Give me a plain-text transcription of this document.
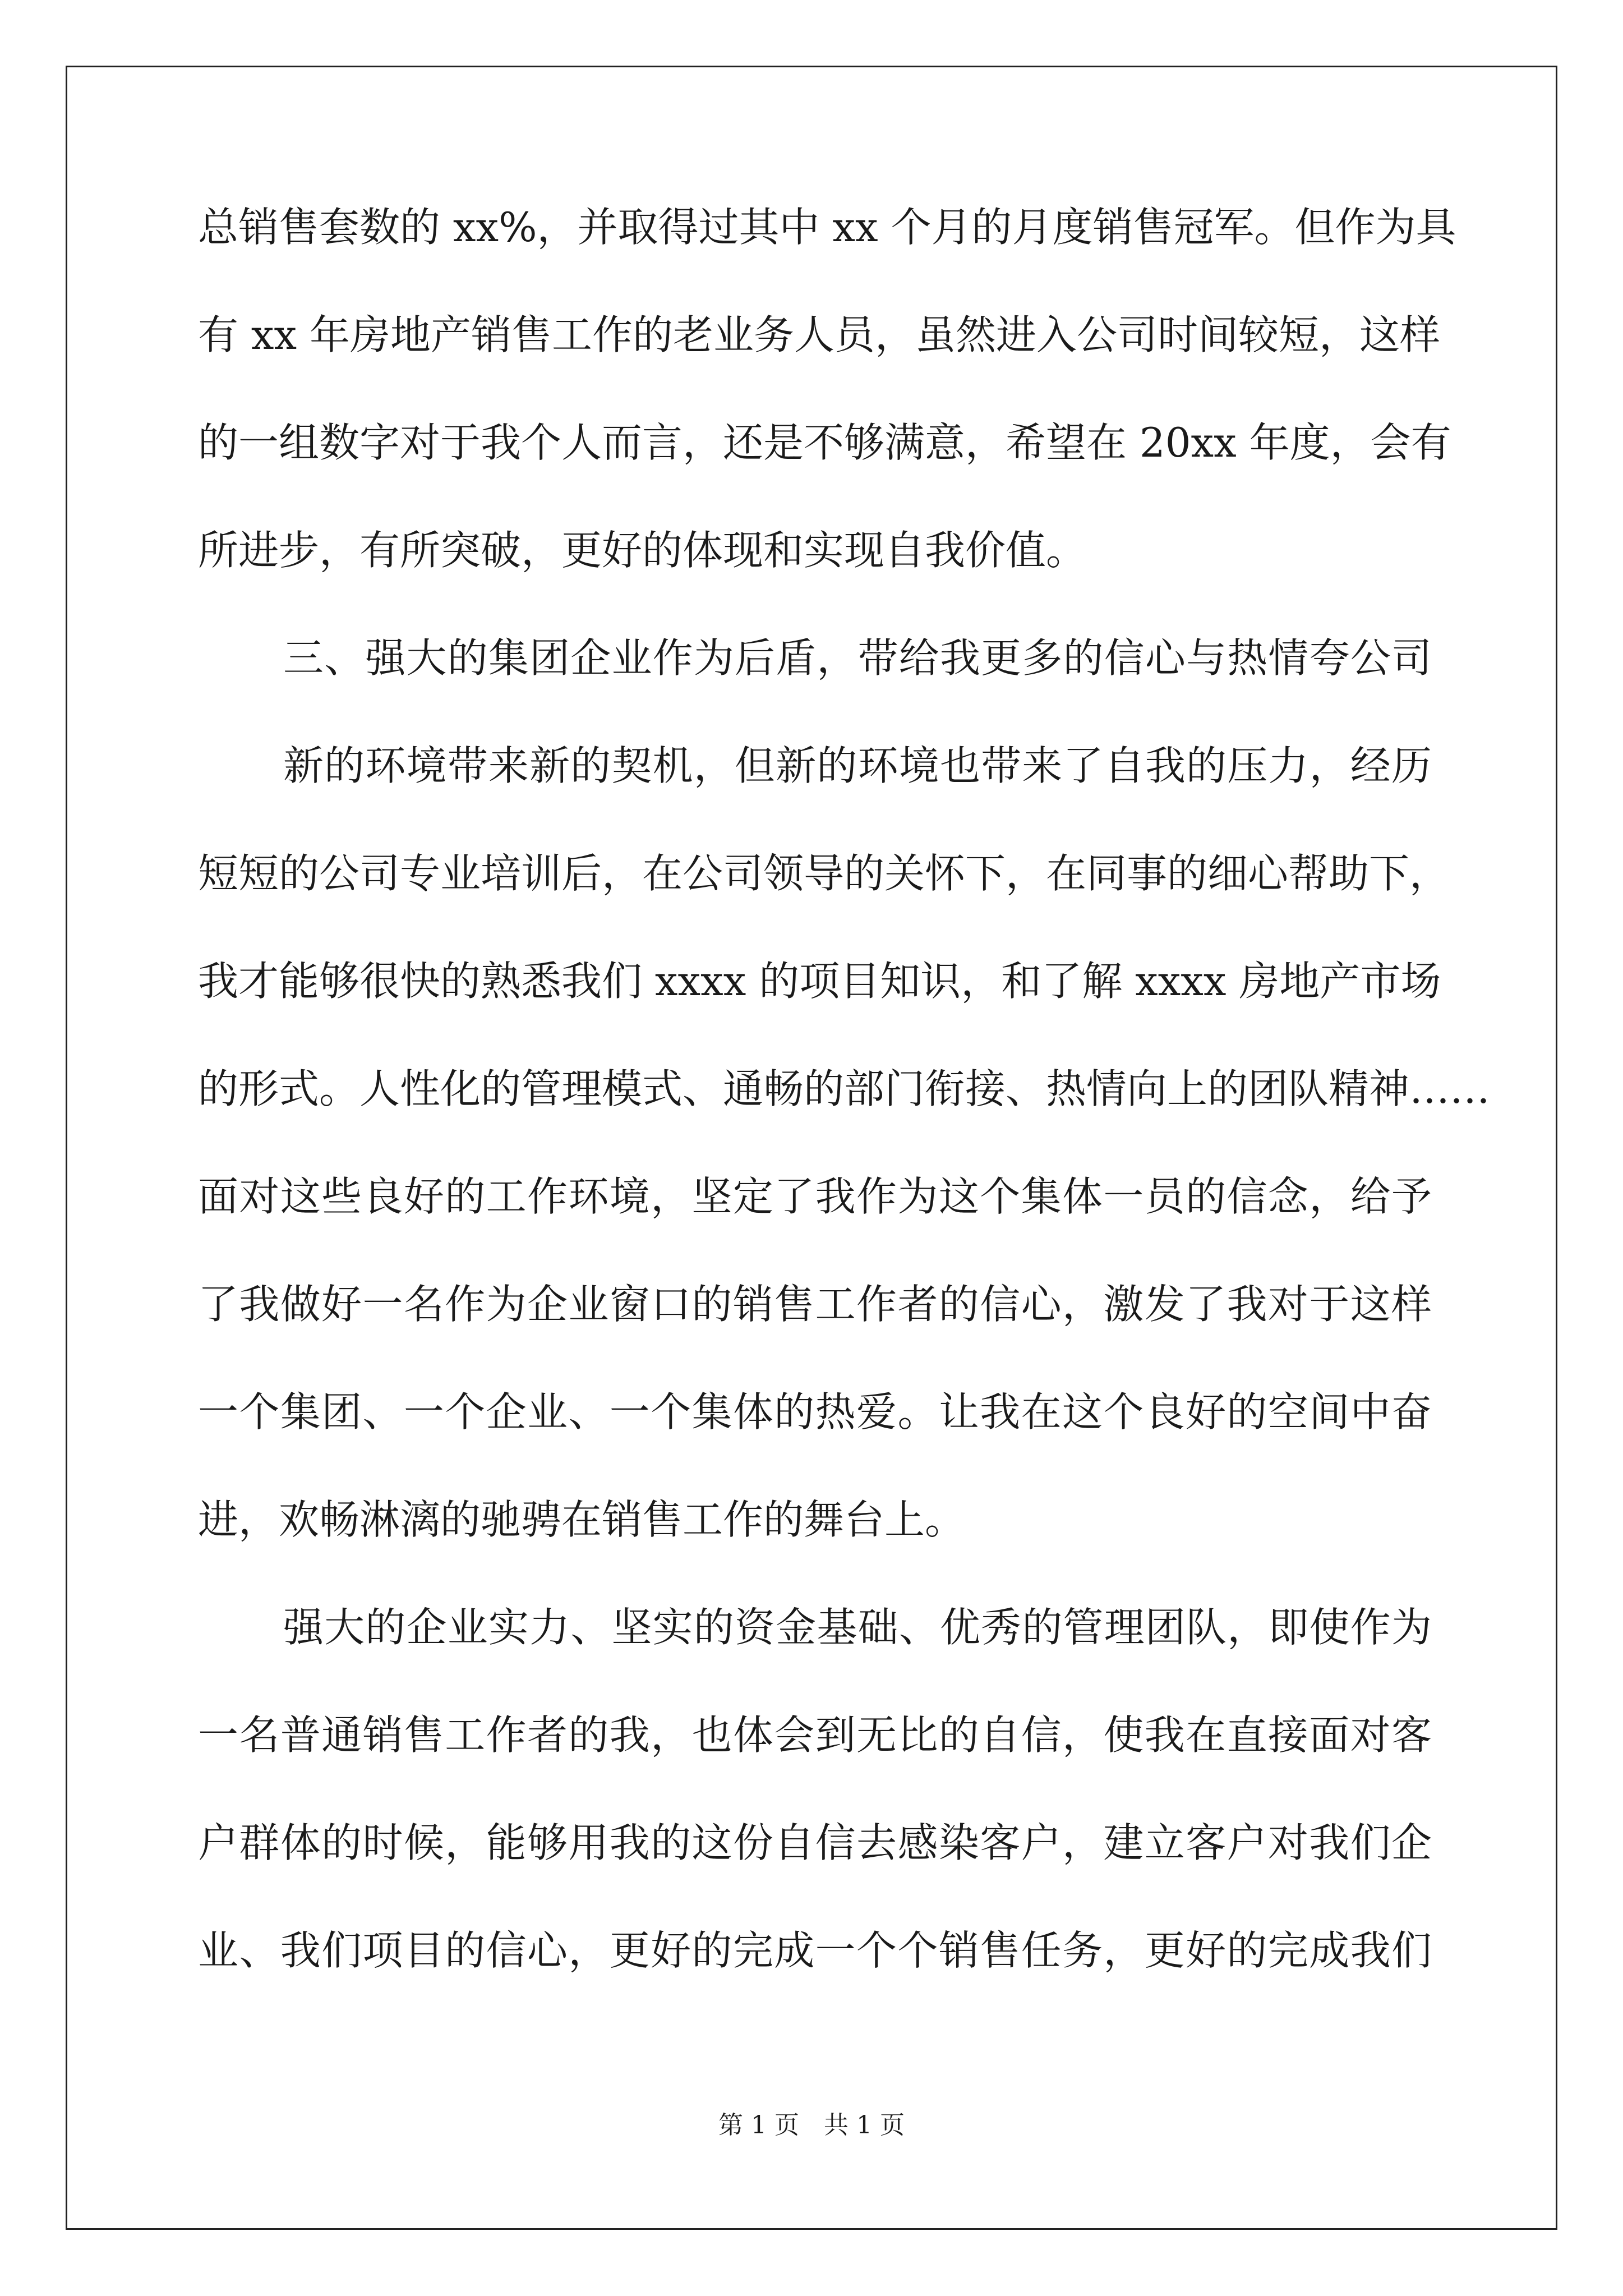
总销售套数的 xx%，并取得过其中 xx 个月的月度销售冠军。但作为具
有 xx 年房地产销售工作的老业务人员，虽然进入公司时间较短，这样
的一组数字对于我个人而言，还是不够满意，希望在 20xx 年度，会有
所进步，有所突破，更好的体现和实现自我价值。
三、强大的集团企业作为后盾，带给我更多的信心与热情夸公司
新的环境带来新的契机，但新的环境也带来了自我的压力，经历
短短的公司专业培训后，在公司领导的关怀下，在同事的细心帮助下，
我才能够很快的熟悉我们 xxxx 的项目知识，和了解 xxxx 房地产市场
的形式。人性化的管理模式、通畅的部门衔接、热情向上的团队精神……
面对这些良好的工作环境，坚定了我作为这个集体一员的信念，给予
了我做好一名作为企业窗口的销售工作者的信心，激发了我对于这样
一个集团、一个企业、一个集体的热爱。让我在这个良好的空间中奋
进，欢畅淋漓的驰骋在销售工作的舞台上。
强大的企业实力、坚实的资金基础、优秀的管理团队，即使作为
一名普通销售工作者的我，也体会到无比的自信，使我在直接面对客
户群体的时候，能够用我的这份自信去感染客户，建立客户对我们企
业、我们项目的信心，更好的完成一个个销售任务，更好的完成我们
第 1 页 共 1 页
